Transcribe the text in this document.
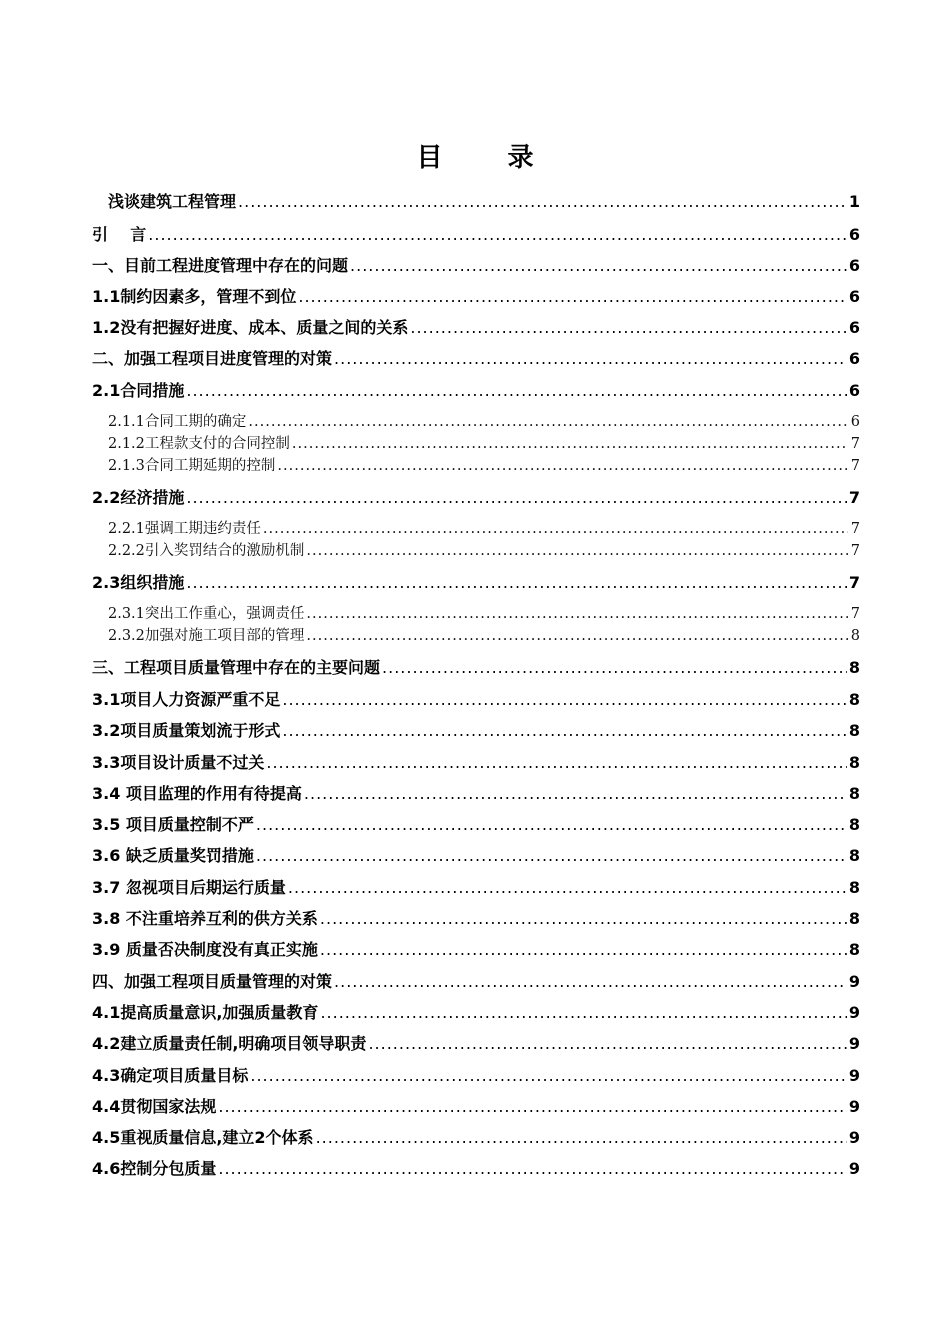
目 录
浅谈建筑工程管理 .....	1
引    言 .....	6
一、目前工程进度管理中存在的问题 .....	6
1.1制约因素多，管理不到位 .....	6
1.2没有把握好进度、成本、质量之间的关系 .....	6
二、加强工程项目进度管理的对策 .....	6
2.1合同措施 .....	6
2.1.1合同工期的确定 .....	6
2.1.2工程款支付的合同控制 .....	7
2.1.3合同工期延期的控制 .....	7
2.2经济措施 .....	7
2.2.1强调工期违约责任 .....	7
2.2.2引入奖罚结合的激励机制 .....	7
2.3组织措施 .....	7
2.3.1突出工作重心，强调责任 .....	7
2.3.2加强对施工项目部的管理 .....	8
三、工程项目质量管理中存在的主要问题 .....	8
3.1项目人力资源严重不足 .....	8
3.2项目质量策划流于形式 .....	8
3.3项目设计质量不过关 .....	8
3.4 项目监理的作用有待提高 .....	8
3.5 项目质量控制不严 .....	8
3.6 缺乏质量奖罚措施 .....	8
3.7 忽视项目后期运行质量 .....	8
3.8 不注重培养互利的供方关系 .....	8
3.9 质量否决制度没有真正实施 .....	8
四、加强工程项目质量管理的对策 .....	9
4.1提高质量意识,加强质量教育 .....	9
4.2建立质量责任制,明确项目领导职责 .....	9
4.3确定项目质量目标 .....	9
4.4贯彻国家法规 .....	9
4.5重视质量信息,建立2个体系 .....	9
4.6控制分包质量 .....	9
